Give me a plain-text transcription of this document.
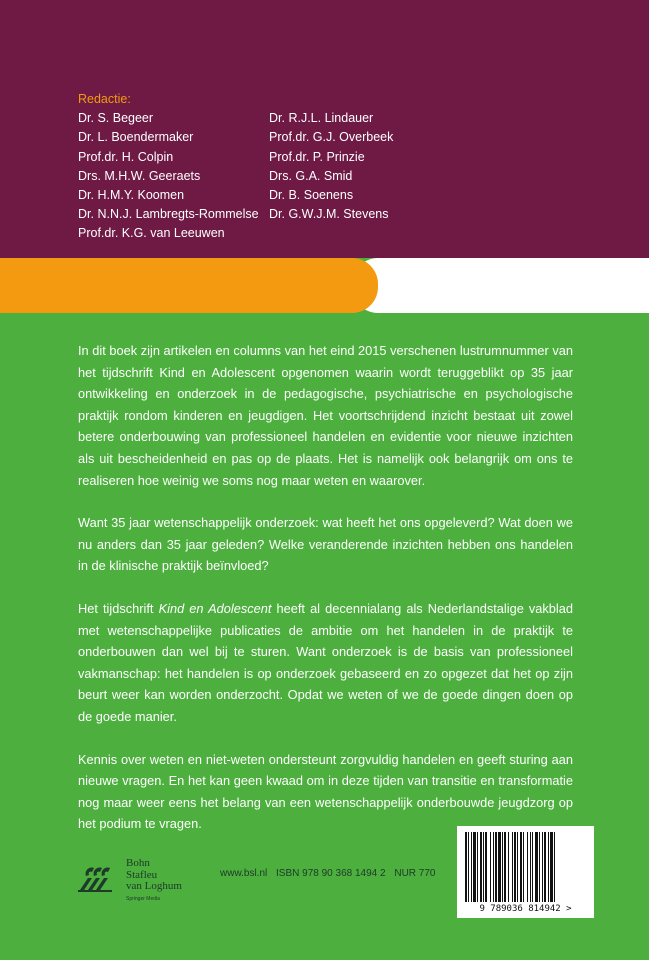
Redactie:
Dr. S. Begeer
Dr. L. Boendermaker
Prof.dr. H. Colpin
Drs. M.H.W. Geeraets
Dr. H.M.Y. Koomen
Dr. N.N.J. Lambregts-Rommelse
Prof.dr. K.G. van Leeuwen
Dr. R.J.L. Lindauer
Prof.dr. G.J. Overbeek
Prof.dr. P. Prinzie
Drs. G.A. Smid
Dr. B. Soenens
Dr. G.W.J.M. Stevens

In dit boek zijn artikelen en columns van het eind 2015 verschenen lustrumnummer van het tijdschrift Kind en Adolescent opgenomen waarin wordt teruggeblikt op 35 jaar ontwikkeling en onderzoek in de pedagogische, psychiatrische en psychologische praktijk rondom kinderen en jeugdigen. Het voortschrijdend inzicht bestaat uit zowel betere onderbouwing van professioneel handelen en evidentie voor nieuwe inzichten als uit bescheidenheid en pas op de plaats. Het is namelijk ook belangrijk om ons te realiseren hoe weinig we soms nog maar weten en waarover.

Want 35 jaar wetenschappelijk onderzoek: wat heeft het ons opgeleverd? Wat doen we nu anders dan 35 jaar geleden? Welke veranderende inzichten hebben ons handelen in de klinische praktijk beïnvloed?

Het tijdschrift Kind en Adolescent heeft al decennialang als Nederlandstalige vakblad met wetenschappelijke publicaties de ambitie om het handelen in de praktijk te onderbouwen dan wel bij te sturen. Want onderzoek is de basis van professioneel vakmanschap: het handelen is op onderzoek gebaseerd en zo opgezet dat het op zijn beurt weer kan worden onderzocht. Opdat we weten of we de goede dingen doen op de goede manier.

Kennis over weten en niet-weten ondersteunt zorgvuldig handelen en geeft sturing aan nieuwe vragen. En het kan geen kwaad om in deze tijden van transitie en transformatie nog maar weer eens het belang van een wetenschappelijk onderbouwde jeugdzorg op het podium te vragen.

Bohn
Stafleu
van Loghum
Springer Media
www.bsl.nl ISBN 978 90 368 1494 2 NUR 770
9 789036 814942 >
